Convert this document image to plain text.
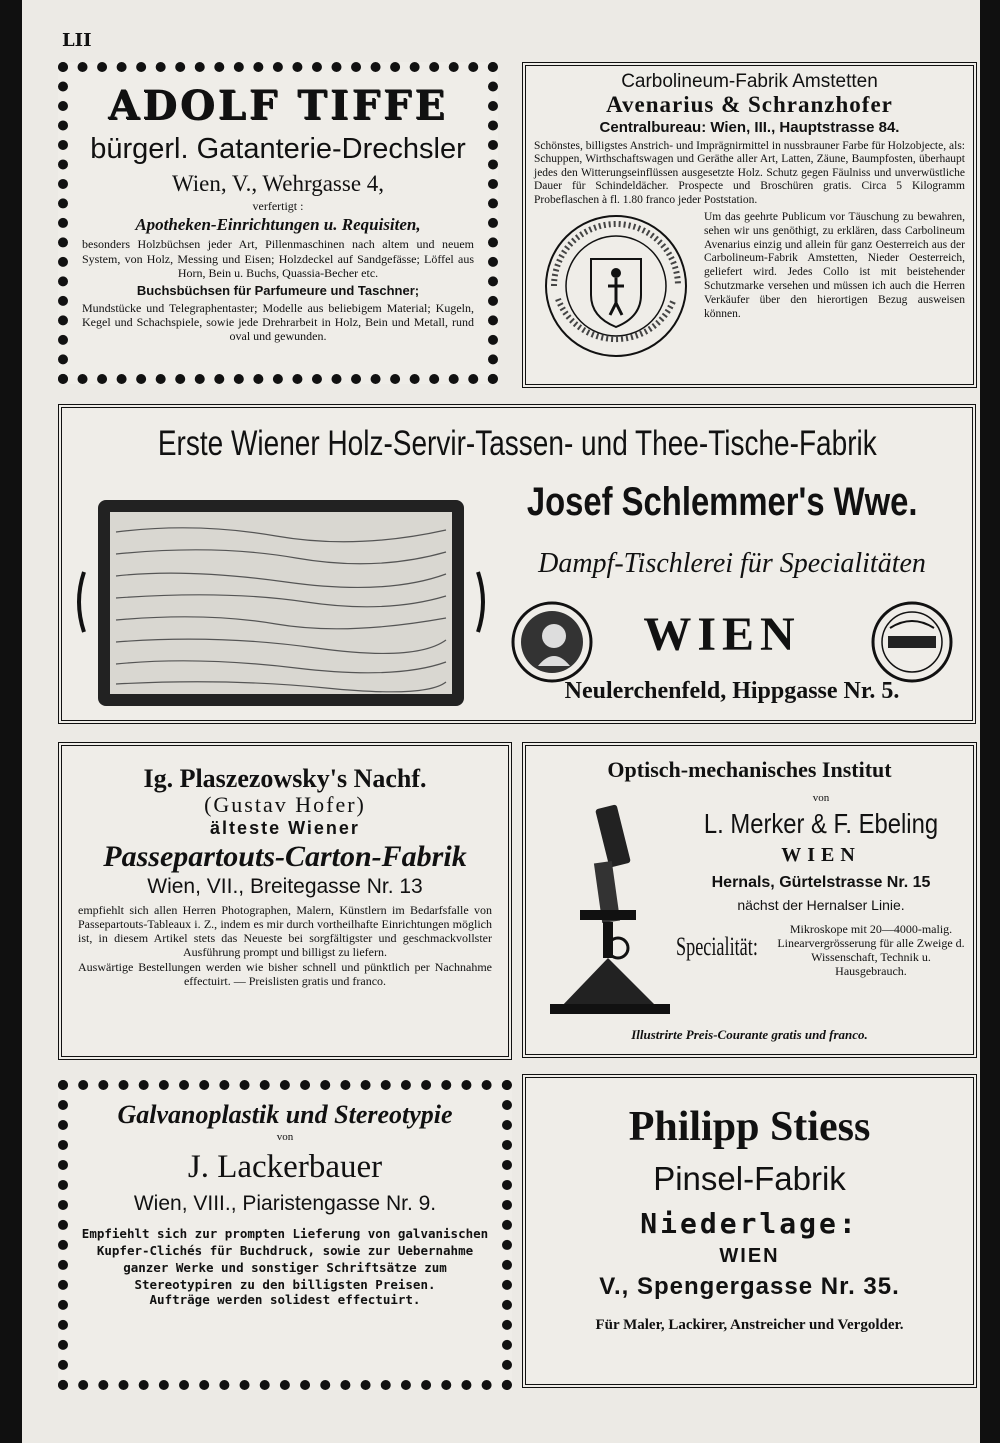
LII
ADOLF TIFFE
bürgerl. Gatanterie-Drechsler
Wien, V., Wehrgasse 4,
verfertigt :
Apotheken-Einrichtungen u. Requisiten,
besonders Holzbüchsen jeder Art, Pillenmaschinen nach altem und neuem System, von Holz, Messing und Eisen; Holzdeckel auf Sandgefässe; Löffel aus Horn, Bein u. Buchs, Quassia-Becher etc.
Buchsbüchsen für Parfumeure und Taschner;
Mundstücke und Telegraphentaster; Modelle aus beliebigem Material; Kugeln, Kegel und Schachspiele, sowie jede Drehrarbeit in Holz, Bein und Metall, rund oval und gewunden.
Carbolineum-Fabrik Amstetten
Avenarius & Schranzhofer
Centralbureau: Wien, III., Hauptstrasse 84.
Schönstes, billigstes Anstrich- und Imprägnirmittel in nussbrauner Farbe für Holzobjecte, als: Schuppen, Wirthschaftswagen und Geräthe aller Art, Latten, Zäune, Baumpfosten, überhaupt jedes den Witterungseinflüssen ausgesetzte Holz. Schutz gegen Fäulniss und unverwüstliche Dauer für Schindeldächer. Prospecte und Broschüren gratis. Circa 5 Kilogramm Probeflaschen à fl. 1.80 franco jeder Poststation.
Um das geehrte Publicum vor Täuschung zu bewahren, sehen wir uns genöthigt, zu erklären, dass Carbolineum Avenarius einzig und allein für ganz Oesterreich aus der Carbolineum-Fabrik Amstetten, Nieder Oesterreich, geliefert wird. Jedes Collo ist mit beistehender Schutzmarke versehen und müssen ich auch die Herren Verkäufer über den hierortigen Bezug ausweisen können.
Erste Wiener Holz-Servir-Tassen- und Thee-Tische-Fabrik
Josef Schlemmer's Wwe.
Dampf-Tischlerei für Specialitäten
WIEN
Neulerchenfeld, Hippgasse Nr. 5.
Ig. Plaszezowsky's Nachf.
(Gustav Hofer)
älteste Wiener
Passepartouts-Carton-Fabrik
Wien, VII., Breitegasse Nr. 13
empfiehlt sich allen Herren Photographen, Malern, Künstlern im Bedarfsfalle von Passepartouts-Tableaux i. Z., indem es mir durch vortheilhafte Einrichtungen möglich ist, in diesem Artikel stets das Neueste bei sorgfältigster und geschmackvollster Ausführung prompt und billigst zu liefern.
Auswärtige Bestellungen werden wie bisher schnell und pünktlich per Nachnahme effectuirt. — Preislisten gratis und franco.
Optisch-mechanisches Institut
von
L. Merker & F. Ebeling
WIEN
Hernals, Gürtelstrasse Nr. 15
nächst der Hernalser Linie.
Specialität:
Mikroskope mit 20—4000-malig. Linearvergrösserung für alle Zweige d. Wissenschaft, Technik u. Hausgebrauch.
Illustrirte Preis-Courante gratis und franco.
Galvanoplastik und Stereotypie
von
J. Lackerbauer
Wien, VIII., Piaristengasse Nr. 9.
Empfiehlt sich zur prompten Lieferung von galvanischen Kupfer-Clichés für Buchdruck, sowie zur Uebernahme ganzer Werke und sonstiger Schriftsätze zum Stereotypiren zu den billigsten Preisen.
Aufträge werden solidest effectuirt.
Philipp Stiess
Pinsel-Fabrik
Niederlage:
WIEN
V., Spengergasse Nr. 35.
Für Maler, Lackirer, Anstreicher und Vergolder.
